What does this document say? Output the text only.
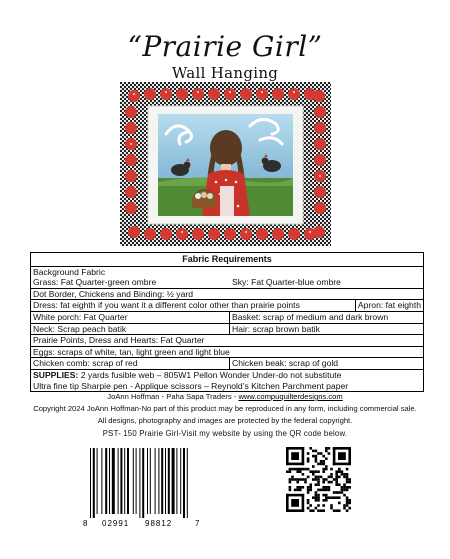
“Prairie Girl”
Wall Hanging
Fabric Requirements
Background Fabric
Grass: Fat Quarter-green ombre	Sky: Fat Quarter-blue ombre
Dot Border, Chickens and Binding: ½ yard
Dress: fat eighth if you want it a different color other than prairie points	Apron: fat eighth
White porch: Fat Quarter	Basket: scrap of medium and dark brown
Neck: Scrap peach batik	Hair: scrap brown batik
Prairie Points, Dress and Hearts: Fat Quarter
Eggs: scraps of white, tan, light green and light blue
Chicken comb: scrap of red	Chicken beak: scrap of gold
SUPPLIES: 2 yards fusible web – 805W1 Pellon Wonder Under-do not substitute
Ultra fine tip Sharpie pen - Applique scissors – Reynold’s Kitchen Parchment paper
JoAnn Hoffman - Paha Sapa Traders - www.compuquilterdesigns.com
Copyright 2024 JoAnn Hoffman-No part of this product may be reproduced in any form, including commercial sale.
All designs, photography and images are protected by the federal copyright.
PST- 150 Prairie Girl-Visit my website by using the QR code below.
8 02991 98812	7
